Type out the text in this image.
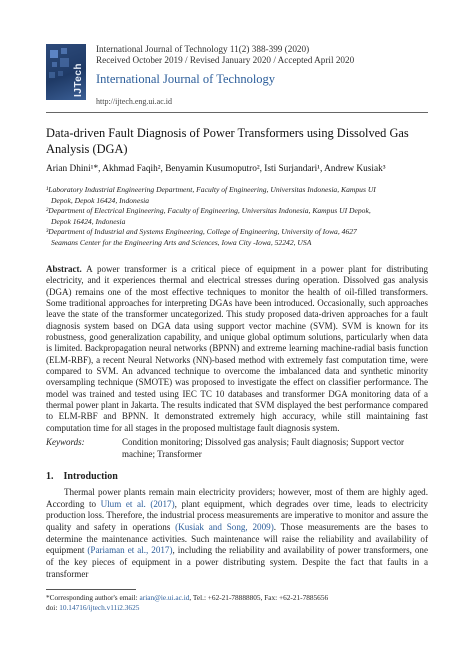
IJTech
International Journal of Technology 11(2) 388-399 (2020)
Received October 2019 / Revised January 2020 / Accepted April 2020
International Journal of Technology
http://ijtech.eng.ui.ac.id
Data-driven Fault Diagnosis of Power Transformers using Dissolved Gas Analysis (DGA)
Arian Dhini¹*, Akhmad Faqih², Benyamin Kusumoputro², Isti Surjandari¹, Andrew Kusiak³
¹Laboratory Industrial Engineering Department, Faculty of Engineering, Universitas Indonesia, Kampus UI
Depok, Depok 16424, Indonesia
²Department of Electrical Engineering, Faculty of Engineering, Universitas Indonesia, Kampus UI Depok,
Depok 16424, Indonesia
³Department of Industrial and Systems Engineering, College of Engineering, University of Iowa, 4627
Seamans Center for the Engineering Arts and Sciences, Iowa City -Iowa, 52242, USA
Abstract. A power transformer is a critical piece of equipment in a power plant for distributing electricity, and it experiences thermal and electrical stresses during operation. Dissolved gas analysis (DGA) remains one of the most effective techniques to monitor the health of oil-filled transformers. Some traditional approaches for interpreting DGAs have been introduced. Occasionally, such approaches leave the state of the transformer uncategorized. This study proposed data-driven approaches for a fault diagnosis system based on DGA data using support vector machine (SVM). SVM is known for its robustness, good generalization capability, and unique global optimum solutions, particularly when data is limited. Backpropagation neural networks (BPNN) and extreme learning machine-radial basis function (ELM-RBF), a recent Neural Networks (NN)-based method with extremely fast computation time, were compared to SVM. An advanced technique to overcome the imbalanced data and synthetic minority oversampling technique (SMOTE) was proposed to investigate the effect on classifier performance. The model was trained and tested using IEC TC 10 databases and transformer DGA monitoring data of a thermal power plant in Jakarta. The results indicated that SVM displayed the best performance compared to ELM-RBF and BPNN. It demonstrated extremely high accuracy, while still maintaining fast computation time for all stages in the proposed multistage fault diagnosis system.
Keywords:	Condition monitoring; Dissolved gas analysis; Fault diagnosis; Support vector machine; Transformer
1. Introduction
Thermal power plants remain main electricity providers; however, most of them are highly aged. According to Ulum et al. (2017), plant equipment, which degrades over time, leads to electricity production loss. Therefore, the industrial process measurements are imperative to monitor and assure the quality and safety in operations (Kusiak and Song, 2009). Those measurements are the bases to determine the maintenance activities. Such maintenance will raise the reliability and availability of equipment (Pariaman et al., 2017), including the reliability and availability of power transformers, one of the key pieces of equipment in a power distributing system. Despite the fact that faults in a transformer
*Corresponding author's email: arian@ie.ui.ac.id, Tel.: +62-21-78888805, Fax: +62-21-7885656
doi: 10.14716/ijtech.v11i2.3625
